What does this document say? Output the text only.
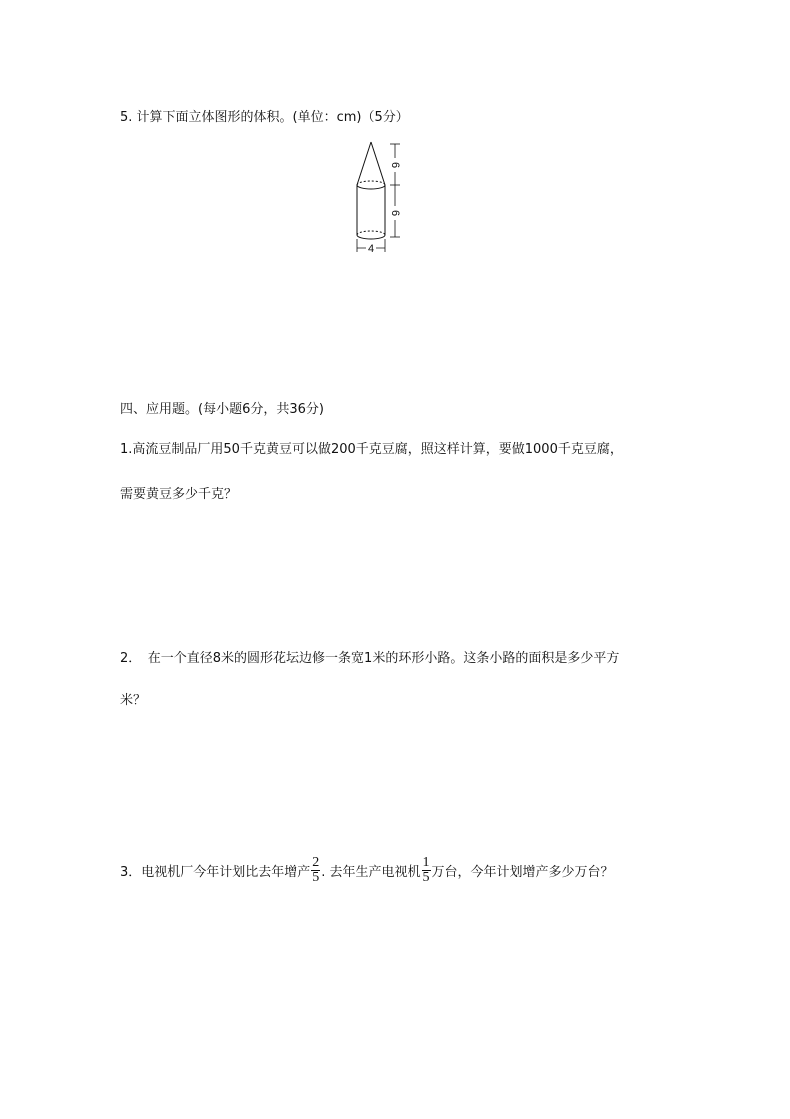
5. 计算下面立体图形的体积。(单位：cm)（5分）
6
6
4
四、应用题。(每小题6分，共36分)
1.高流豆制品厂用50千克黄豆可以做200千克豆腐，照这样计算，要做1000千克豆腐，
需要黄豆多少千克？
2．　在一个直径8米的圆形花坛边修一条宽1米的环形小路。这条小路的面积是多少平方
米？
3．电视机厂今年计划比去年增产 $\frac{2}{5}$ . 去年生产电视机 $\frac{1}{5}$ 万台，今年计划增产多少万台？
